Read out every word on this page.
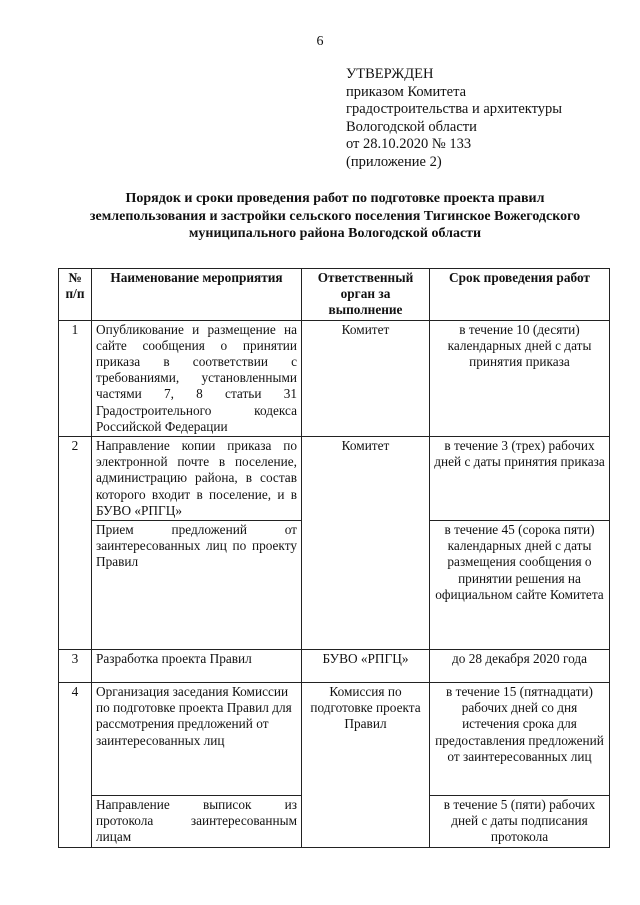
6
УТВЕРЖДЕН
приказом Комитета
градостроительства и архитектуры
Вологодской области
от 28.10.2020 № 133
(приложение 2)
Порядок и сроки проведения работ по подготовке проекта правил
землепользования и застройки сельского поселения Тигинское Вожегодского
муниципального района Вологодской области
№ п/п	Наименование мероприятия	Ответственный орган за выполнение	Срок проведения работ
1	Опубликование и размещение на сайте сообщения о принятии приказа в соответствии с требованиями, установленными частями 7, 8 статьи 31 Градостроительного кодекса Российской Федерации	Комитет	в течение 10 (десяти) календарных дней с даты принятия приказа
2	Направление копии приказа по электронной почте в поселение, администрацию района, в состав которого входит в поселение, и в БУВО «РПГЦ»	Комитет	в течение 3 (трех) рабочих дней с даты принятия приказа
	Прием предложений от заинтересованных лиц по проекту Правил		в течение 45 (сорока пяти) календарных дней с даты размещения сообщения о принятии решения на официальном сайте Комитета
3	Разработка проекта Правил	БУВО «РПГЦ»	до 28 декабря 2020 года
4	Организация заседания Комиссии по подготовке проекта Правил для рассмотрения предложений от заинтересованных лиц	Комиссия по подготовке проекта Правил	в течение 15 (пятнадцати) рабочих дней со дня истечения срока для предоставления предложений от заинтересованных лиц
	Направление выписок из протокола заинтересованным лицам		в течение 5 (пяти) рабочих дней с даты подписания протокола
